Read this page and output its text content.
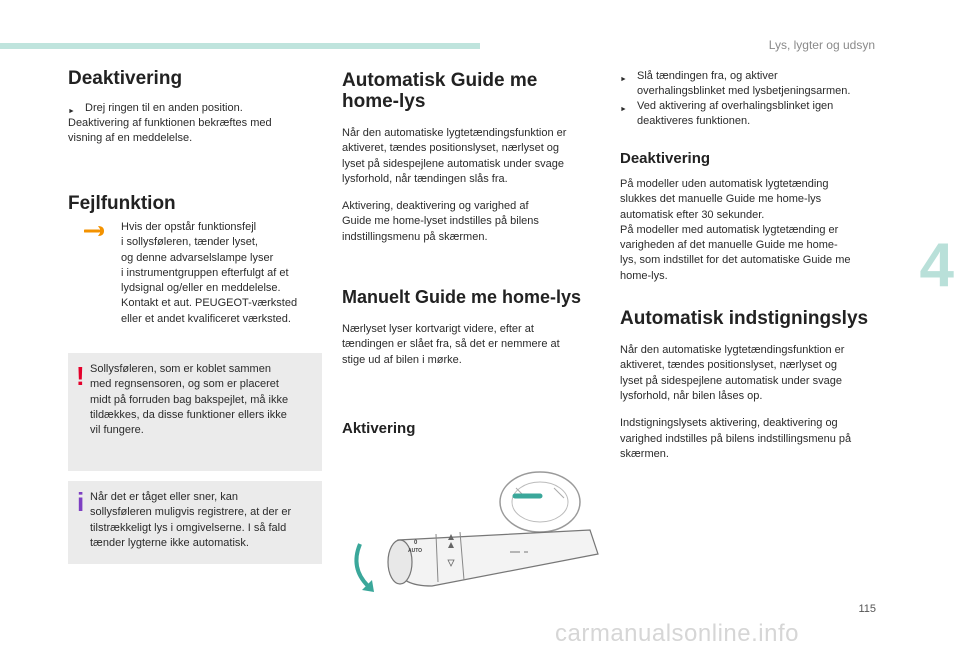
Lys, lygter og udsyn
4
115
Deaktivering

► Drej ringen til en anden position.

Deaktivering af funktionen bekræftes med

visning af en meddelelse.

Fejlfunktion

Hvis der opstår funktionsfejl

i sollysføleren, tænder lyset,

og denne advarselslampe lyser

i instrumentgruppen efterfulgt af et

lydsignal og/eller en meddelelse.

Kontakt et aut. PEUGEOT-værksted

eller et andet kvalificeret værksted.

! Sollysføleren, som er koblet sammen

med regnsensoren, og som er placeret

midt på forruden bag bakspejlet, må ikke

tildækkes, da disse funktioner ellers ikke

vil fungere.

i Når det er tåget eller sner, kan

sollysføleren muligvis registrere, at der er

tilstrækkeligt lys i omgivelserne. I så fald

tænder lygterne ikke automatisk.

Automatisk Guide me
home-lys

Når den automatiske lygtetændingsfunktion er

aktiveret, tændes positionslyset, nærlyset og

lyset på sidespejlene automatisk under svage

lysforhold, når tændingen slås fra.

Aktivering, deaktivering og varighed af

Guide me home-lyset indstilles på bilens

indstillingsmenu på skærmen.

Manuelt Guide me home-lys

Nærlyset lyser kortvarigt videre, efter at

tændingen er slået fra, så det er nemmere at

stige ud af bilen i mørke.

Aktivering
0
AUTO

► Slå tændingen fra, og aktiver
overhalingsblinket med lysbetjeningsarmen.

► Ved aktivering af overhalingsblinket igen
deaktiveres funktionen.

Deaktivering

På modeller uden automatisk lygtetænding

slukkes det manuelle Guide me home-lys

automatisk efter 30 sekunder.

På modeller med automatisk lygtetænding er

varigheden af det manuelle Guide me home-

lys, som indstillet for det automatiske Guide me

home-lys.

Automatisk indstigningslys

Når den automatiske lygtetændingsfunktion er

aktiveret, tændes positionslyset, nærlyset og

lyset på sidespejlene automatisk under svage

lysforhold, når bilen låses op.

Indstigningslysets aktivering, deaktivering og

varighed indstilles på bilens indstillingsmenu på

skærmen.

carmanualsonline.info
